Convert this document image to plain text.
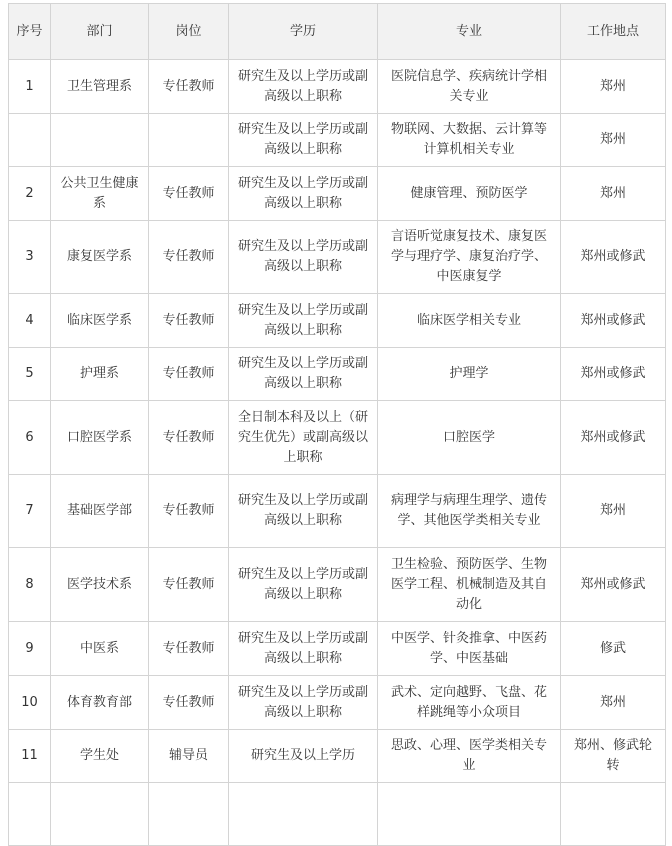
序号	部门	岗位	学历	专业	工作地点
1	卫生管理系	专任教师	研究生及以上学历或副高级以上职称	医院信息学、疾病统计学相关专业	郑州
			研究生及以上学历或副高级以上职称	物联网、大数据、云计算等计算机相关专业	郑州
2	公共卫生健康系	专任教师	研究生及以上学历或副高级以上职称	健康管理、预防医学	郑州
3	康复医学系	专任教师	研究生及以上学历或副高级以上职称	言语听觉康复技术、康复医学与理疗学、康复治疗学、中医康复学	郑州或修武
4	临床医学系	专任教师	研究生及以上学历或副高级以上职称	临床医学相关专业	郑州或修武
5	护理系	专任教师	研究生及以上学历或副高级以上职称	护理学	郑州或修武
6	口腔医学系	专任教师	全日制本科及以上（研究生优先）或副高级以上职称	口腔医学	郑州或修武
7	基础医学部	专任教师	研究生及以上学历或副高级以上职称	病理学与病理生理学、遗传学、其他医学类相关专业	郑州
8	医学技术系	专任教师	研究生及以上学历或副高级以上职称	卫生检验、预防医学、生物医学工程、机械制造及其自动化	郑州或修武
9	中医系	专任教师	研究生及以上学历或副高级以上职称	中医学、针灸推拿、中医药学、中医基础	修武
10	体育教育部	专任教师	研究生及以上学历或副高级以上职称	武术、定向越野、飞盘、花样跳绳等小众项目	郑州
11	学生处	辅导员	研究生及以上学历	思政、心理、医学类相关专业	郑州、修武轮转
